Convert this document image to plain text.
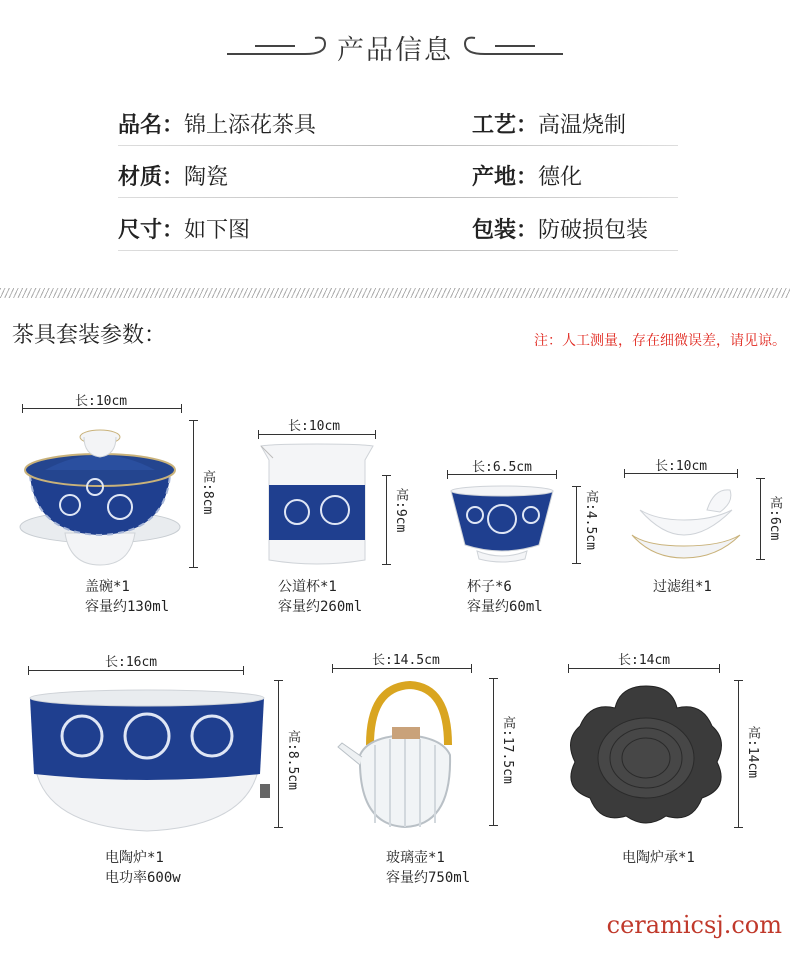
产品信息
品名：锦上添花茶具	工艺：高温烧制
材质：陶瓷	产地：德化
尺寸：如下图	包装：防破损包装
茶具套装参数：	注：人工测量，存在细微误差，请见谅。
长:10cm
高:8cm
盖碗*1
容量约130ml
长:10cm
高:9cm
公道杯*1
容量约260ml
长:6.5cm
高:4.5cm
杯子*6
容量约60ml
长:10cm
高:6cm
过滤组*1
长:16cm
高:8.5cm
电陶炉*1
电功率600w
长:14.5cm
高:17.5cm
玻璃壶*1
容量约750ml
长:14cm
高:14cm
电陶炉承*1
ceramicsj.com
